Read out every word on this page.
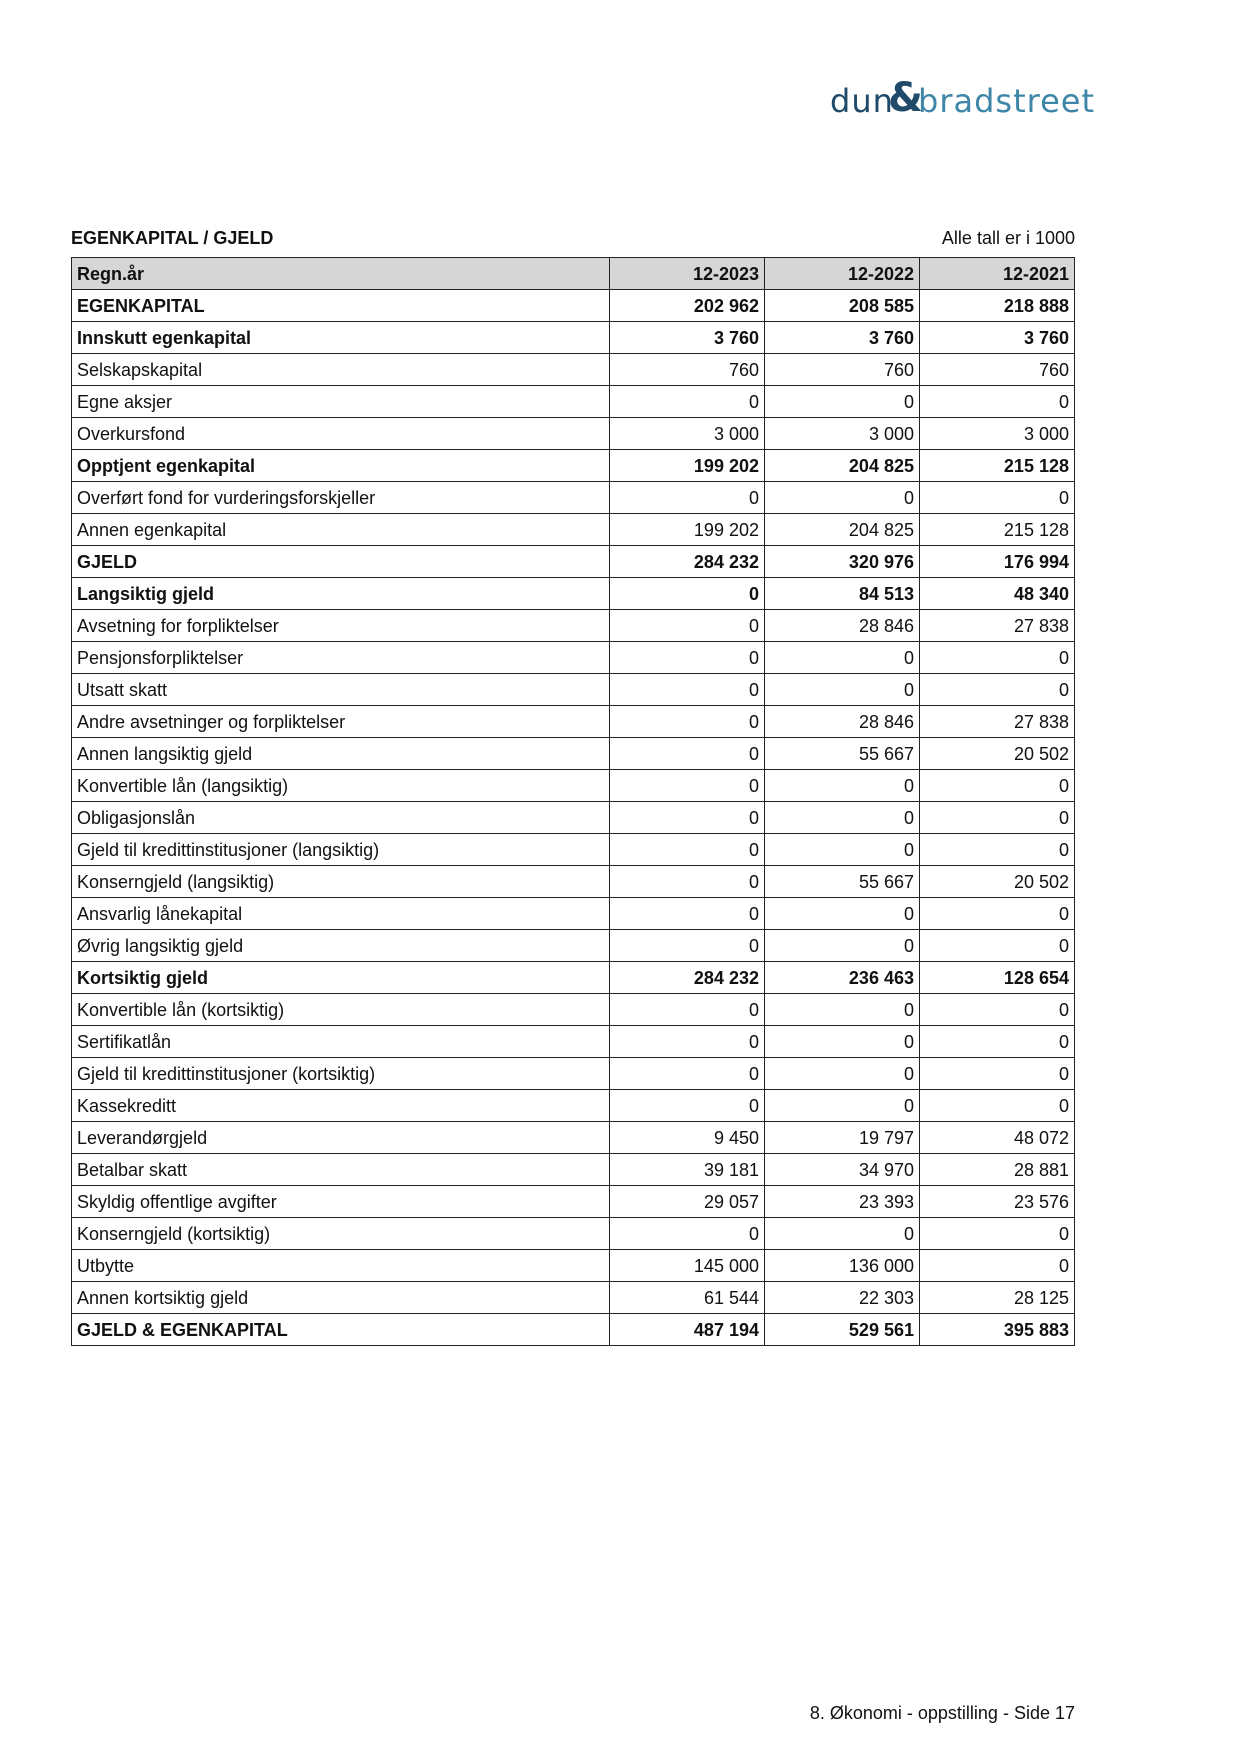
dun
&
bradstreet
EGENKAPITAL / GJELD	Alle tall er i 1000
Regn.år	12-2023	12-2022	12-2021
EGENKAPITAL	202 962	208 585	218 888
Innskutt egenkapital	3 760	3 760	3 760
Selskapskapital	760	760	760
Egne aksjer	0	0	0
Overkursfond	3 000	3 000	3 000
Opptjent egenkapital	199 202	204 825	215 128
Overført fond for vurderingsforskjeller	0	0	0
Annen egenkapital	199 202	204 825	215 128
GJELD	284 232	320 976	176 994
Langsiktig gjeld	0	84 513	48 340
Avsetning for forpliktelser	0	28 846	27 838
Pensjonsforpliktelser	0	0	0
Utsatt skatt	0	0	0
Andre avsetninger og forpliktelser	0	28 846	27 838
Annen langsiktig gjeld	0	55 667	20 502
Konvertible lån (langsiktig)	0	0	0
Obligasjonslån	0	0	0
Gjeld til kredittinstitusjoner (langsiktig)	0	0	0
Konserngjeld (langsiktig)	0	55 667	20 502
Ansvarlig lånekapital	0	0	0
Øvrig langsiktig gjeld	0	0	0
Kortsiktig gjeld	284 232	236 463	128 654
Konvertible lån (kortsiktig)	0	0	0
Sertifikatlån	0	0	0
Gjeld til kredittinstitusjoner (kortsiktig)	0	0	0
Kassekreditt	0	0	0
Leverandørgjeld	9 450	19 797	48 072
Betalbar skatt	39 181	34 970	28 881
Skyldig offentlige avgifter	29 057	23 393	23 576
Konserngjeld (kortsiktig)	0	0	0
Utbytte	145 000	136 000	0
Annen kortsiktig gjeld	61 544	22 303	28 125
GJELD & EGENKAPITAL	487 194	529 561	395 883
8. Økonomi - oppstilling - Side 17
